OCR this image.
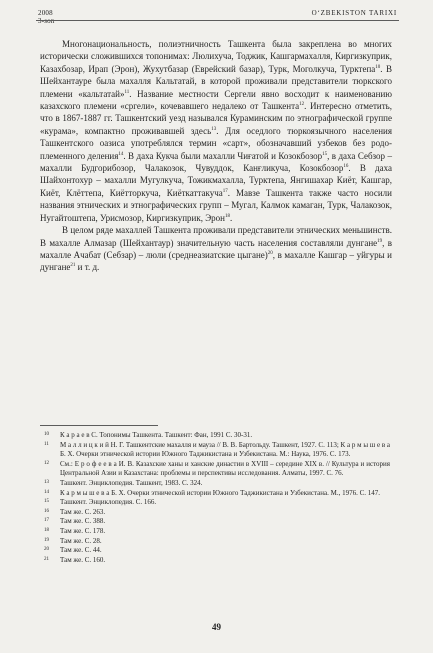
2008
3-son
O‘ZBEKISTON TARIXI

Многонациональность, полиэтничность Ташкента была закреплена во многих исторически сложившихся топонимах: Люлихуча, Тоджик, Кашгармахалля, Киргизкуприк, Казахбозар, Ирап (Эрон), Жухутбазар (Еврейский базар), Турк, Моголкуча, Турктепа$^{10}$. В Шейхантауре была махалля Кальтатай, в которой проживали представители тюркского племени «кальтатай»$^{11}$. Название местности Сергели явно восходит к наименованию казахского племени «сргели», кочевавшего недалеко от Ташкента$^{12}$. Интересно отметить, что в 1867-1887 гг. Ташкентский уезд назывался Кураминским по этнографической группе «курама», компактно проживавшей здесь$^{13}$. Для оседлого тюркоязычного населения Ташкентского оазиса употреблялся термин «сарт», обозначавший узбеков без родо-племенного деления$^{14}$. В даха Кукча были махалли Чиғатой и Козокбозор$^{15}$, в даха Себзор – махалли Будгорибозор, Чалакозок, Чувуддок, Канғликуча, Козокбозор$^{16}$. В даха Шайхонтохур – махалли Мугулкуча, Тожикмахалла, Турктепа, Янгишахар Киёт, Кашгар, Киёт, Клёттепа, Киётторкуча, Киёткаттакуча$^{17}$. Мавзе Ташкента также часто носили названия этнических и этнографических групп – Мугал, Калмок камаган, Турк, Чалакозок, Нугайтоштепа, Урисмозор, Киргизкуприк, Эрон$^{18}$.

В целом ряде махаллей Ташкента проживали представители этнических меньшинств. В махалле Алмазар (Шейхантаур) значительную часть населения составляли дунгане$^{19}$, в махалле Ачабат (Себзар) – люли (среднеазиатские цыгане)$^{20}$, в махалле Кашгар – уйгуры и дунгане$^{21}$ и т. д.

10 К а р а е в С. Топонимы Ташкента. Ташкент: Фан, 1991 С. 30-31.
11 М а л л и ц к и й Н. Г. Ташкентские махалля и мауза // В. В. Бартольду. Ташкент, 1927. С. 113; К а р м ы ш е в а Б. Х. Очерки этнической истории Южного Таджикистана и Узбекистана. М.: Наука, 1976. С. 173.
12 См.: Е р о ф е е в а И. В. Казахские ханы и ханские династии в XVIII – середине XIX в. // Культура и история Центральной Азии и Казахстана: проблемы и перспективы исследования. Алматы, 1997. С. 76.
13 Ташкент. Энциклопедия. Ташкент, 1983. С. 324.
14 К а р м ы ш е в а Б. Х. Очерки этнической истории Южного Таджикистана и Узбекистана. М., 1976. С. 147.
15 Ташкент. Энциклопедия. С. 166.
16 Там же. С. 263.
17 Там же. С. 388.
18 Там же. С. 178.
19 Там же. С. 28.
20 Там же. С. 44.
21 Там же. С. 160.
49
